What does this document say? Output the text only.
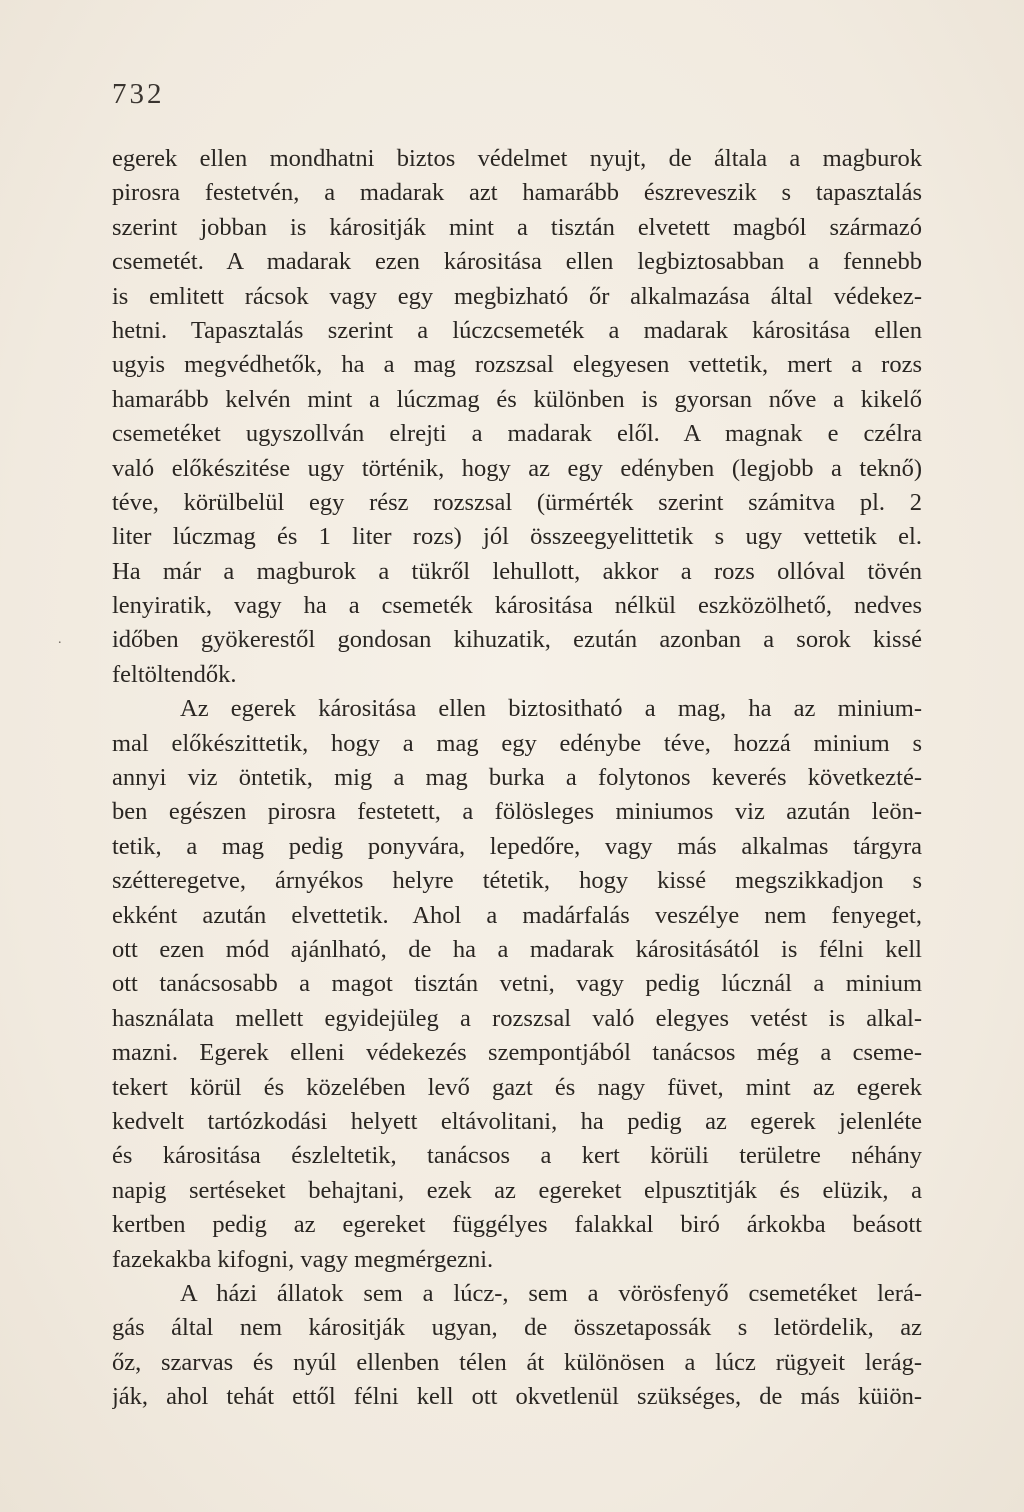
732
.
egerek ellen mondhatni biztos védelmet nyujt, de általa a magburok
pirosra festetvén, a madarak azt hamarább észreveszik s tapasztalás
szerint jobban is kárositják mint a tisztán elvetett magból származó
csemetét. A madarak ezen kárositása ellen legbiztosabban a fennebb
is emlitett rácsok vagy egy megbizható őr alkalmazása által védekez-
hetni. Tapasztalás szerint a lúczcsemeték a madarak kárositása ellen
ugyis megvédhetők, ha a mag rozszsal elegyesen vettetik, mert a rozs
hamarább kelvén mint a lúczmag és különben is gyorsan nőve a kikelő
csemetéket ugyszollván elrejti a madarak elől. A magnak e czélra
való előkészitése ugy történik, hogy az egy edényben (legjobb a teknő)
téve, körülbelül egy rész rozszsal (ürmérték szerint számitva pl. 2
liter lúczmag és 1 liter rozs) jól összeegyelittetik s ugy vettetik el.
Ha már a magburok a tükről lehullott, akkor a rozs ollóval tövén
lenyiratik, vagy ha a csemeték kárositása nélkül eszközölhető, nedves
időben gyökerestől gondosan kihuzatik, ezután azonban a sorok kissé
feltöltendők.
Az egerek kárositása ellen biztositható a mag, ha az minium-
mal előkészittetik, hogy a mag egy edénybe téve, hozzá minium s
annyi viz öntetik, mig a mag burka a folytonos keverés következté-
ben egészen pirosra festetett, a fölösleges miniumos viz azután leön-
tetik, a mag pedig ponyvára, lepedőre, vagy más alkalmas tárgyra
szétteregetve, árnyékos helyre tétetik, hogy kissé megszikkadjon s
ekként azután elvettetik. Ahol a madárfalás veszélye nem fenyeget,
ott ezen mód ajánlható, de ha a madarak kárositásától is félni kell
ott tanácsosabb a magot tisztán vetni, vagy pedig lúcznál a minium
használata mellett egyidejüleg a rozszsal való elegyes vetést is alkal-
mazni. Egerek elleni védekezés szempontjából tanácsos még a cseme-
tekert körül és közelében levő gazt és nagy füvet, mint az egerek
kedvelt tartózkodási helyett eltávolitani, ha pedig az egerek jelenléte
és kárositása észleltetik, tanácsos a kert körüli területre néhány
napig sertéseket behajtani, ezek az egereket elpusztitják és elüzik, a
kertben pedig az egereket függélyes falakkal biró árkokba beásott
fazekakba kifogni, vagy megmérgezni.
A házi állatok sem a lúcz-, sem a vörösfenyő csemetéket lerá-
gás által nem kárositják ugyan, de összetapossák s letördelik, az
őz, szarvas és nyúl ellenben télen át különösen a lúcz rügyeit lerág-
ják, ahol tehát ettől félni kell ott okvetlenül szükséges, de más küiön-
